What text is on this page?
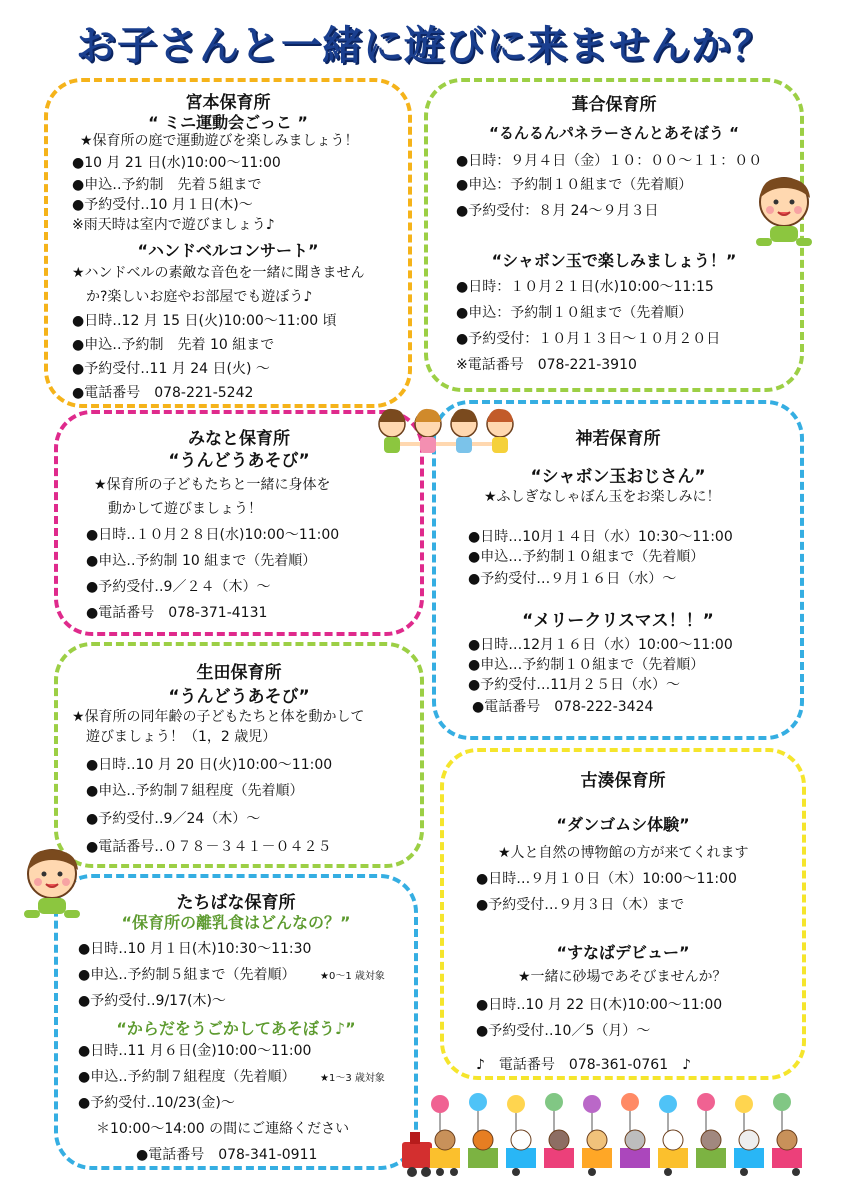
お子さんと一緒に遊びに来ませんか？
宮本保育所
“ ミニ運動会ごっこ ”
★保育所の庭で運動遊びを楽しみましょう！
●10 月 21 日(水)10:00～11:00
●申込‥予約制　先着５組まで
●予約受付‥10 月１日(木)～
※雨天時は室内で遊びましょう♪
“ハンドベルコンサート”
★ハンドベルの素敵な音色を一緒に聞きません
　か?楽しいお庭やお部屋でも遊ぼう♪
●日時‥12 月 15 日(火)10:00～11:00 頃
●申込‥予約制　先着 10 組まで
●予約受付‥11 月 24 日(火) ～
●電話番号　078-221-5242
葺合保育所
“るんるんパネラーさんとあそぼう “
●日時：９月４日（金）１０：００～１１：００
●申込：予約制１０組まで（先着順）
●予約受付：８月 24～９月３日
“シャボン玉で楽しみましょう！”
●日時：１０月２１日(水)10:00～11:15
●申込：予約制１０組まで（先着順）
●予約受付：１０月１３日～１０月２０日
※電話番号　078-221-3910
みなと保育所
“うんどうあそび”
★保育所の子どもたちと一緒に身体を
　動かして遊びましょう！
●日時‥１０月２８日(水)10:00～11:00
●申込‥予約制 10 組まで（先着順）
●予約受付‥9／２４（木）～
●電話番号　078-371-4131
神若保育所
“シャボン玉おじさん”
★ふしぎなしゃぼん玉をお楽しみに！
●日時…10月１４日（水）10:30～11:00
●申込…予約制１０組まで（先着順）
●予約受付…９月１６日（水）～
“メリークリスマス！！”
●日時…12月１６日（水）10:00～11:00
●申込…予約制１０組まで（先着順）
●予約受付…11月２５日（水）～
●電話番号　078-222-3424
生田保育所
“うんどうあそび”
★保育所の同年齢の子どもたちと体を動かして
　遊びましょう！（1，2 歳児）
●日時‥10 月 20 日(火)10:00～11:00
●申込‥予約制７組程度（先着順）
●予約受付‥9／24（木）～
●電話番号‥０７８－３４１－０４２５
古湊保育所
“ダンゴムシ体験”
★人と自然の博物館の方が来てくれます
●日時…９月１０日（木）10:00～11:00
●予約受付…９月３日（木）まで
“すなばデビュー”
★一緒に砂場であそびませんか？
●日時‥10 月 22 日(木)10:00～11:00
●予約受付‥10／5（月）～
♪　電話番号　078-361-0761　♪
たちばな保育所
“保育所の離乳食はどんなの？”
●日時‥10 月１日(木)10:30～11:30
●申込‥予約制５組まで（先着順） ★0～1 歳対象
●予約受付‥9/17(木)～
“からだをうごかしてあそぼう♪”
●日時‥11 月６日(金)10:00～11:00
●申込‥予約制７組程度（先着順） ★1～3 歳対象
●予約受付‥10/23(金)～
＊10:00～14:00 の間にご連絡ください
●電話番号　078-341-0911
